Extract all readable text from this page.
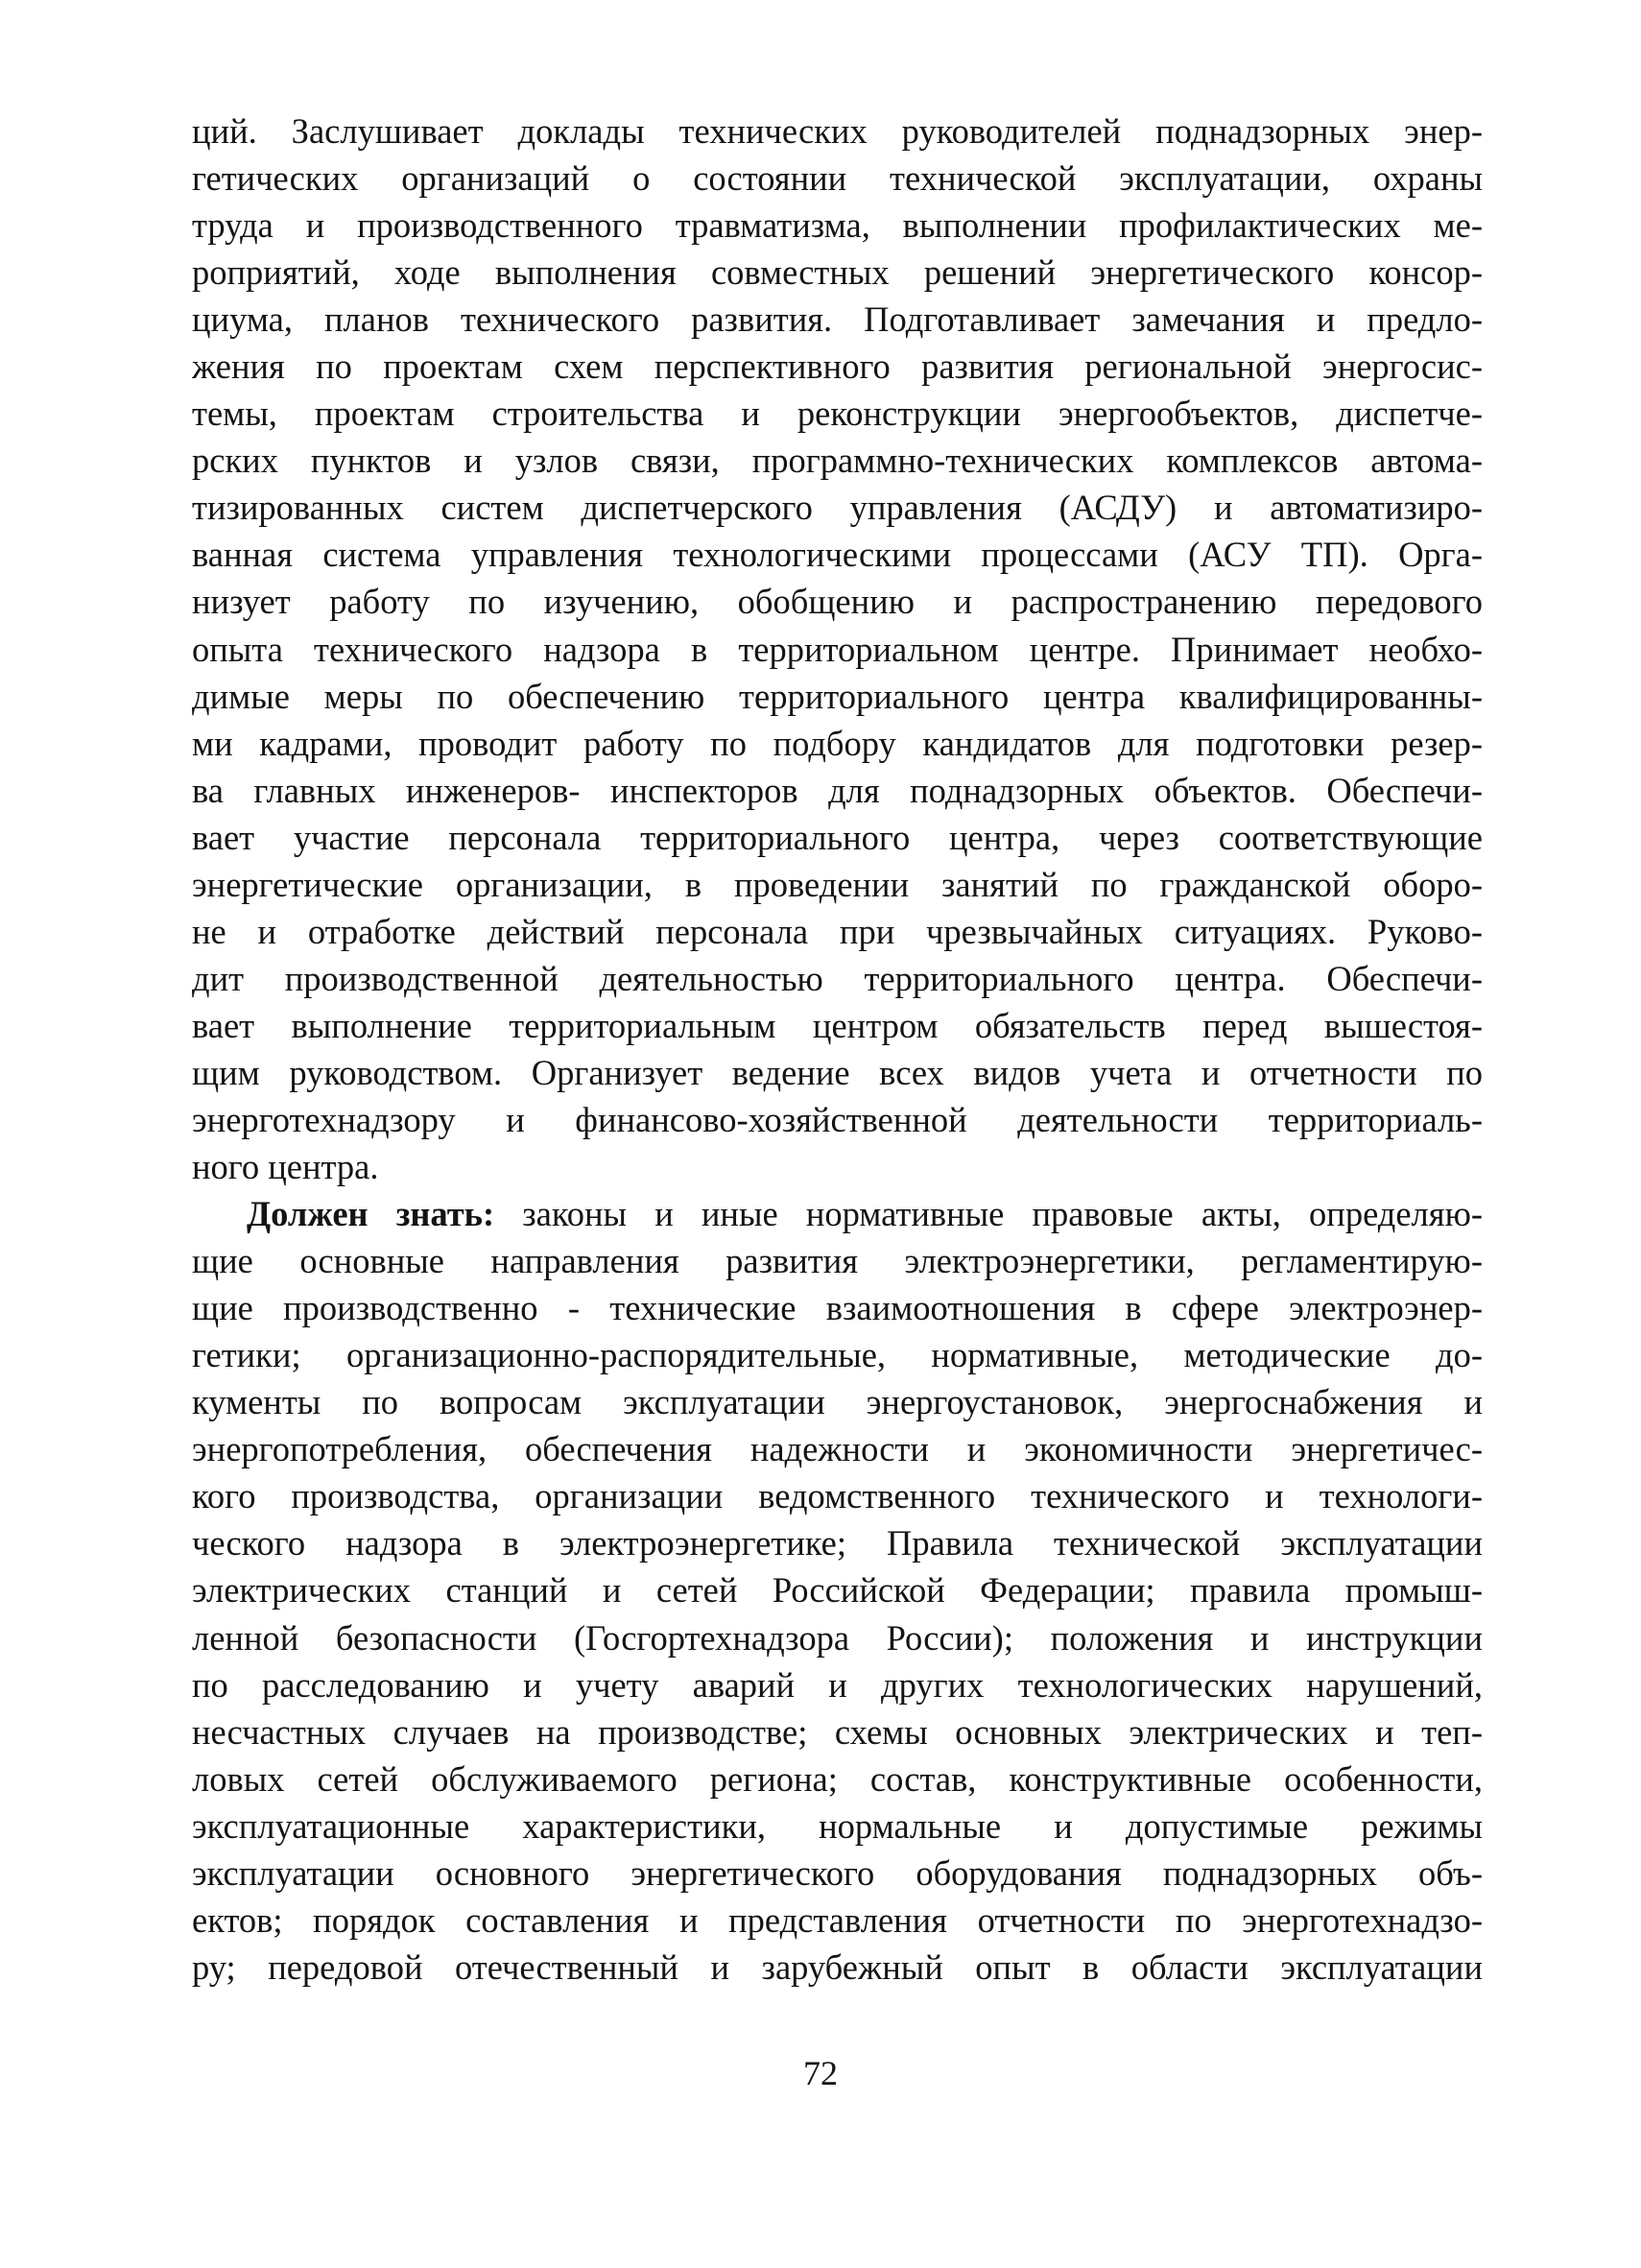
ций. Заслушивает доклады технических руководителей поднадзорных энер-
гетических организаций о состоянии технической эксплуатации, охраны
труда и производственного травматизма, выполнении профилактических ме-
роприятий, ходе выполнения совместных решений энергетического консор-
циума, планов технического развития. Подготавливает замечания и предло-
жения по проектам схем перспективного развития региональной энергосис-
темы, проектам строительства и реконструкции энергообъектов, диспетче-
рских пунктов и узлов связи, программно-технических комплексов автома-
тизированных систем диспетчерского управления (АСДУ) и автоматизиро-
ванная система управления технологическими процессами (АСУ ТП). Орга-
низует работу по изучению, обобщению и распространению передового
опыта технического надзора в территориальном центре. Принимает необхо-
димые меры по обеспечению территориального центра квалифицированны-
ми кадрами, проводит работу по подбору кандидатов для подготовки резер-
ва главных инженеров- инспекторов для поднадзорных объектов. Обеспечи-
вает участие персонала территориального центра, через соответствующие
энергетические организации, в проведении занятий по гражданской оборо-
не и отработке действий персонала при чрезвычайных ситуациях. Руково-
дит производственной деятельностью территориального центра. Обеспечи-
вает выполнение территориальным центром обязательств перед вышестоя-
щим руководством. Организует ведение всех видов учета и отчетности по
энерготехнадзору и финансово-хозяйственной деятельности территориаль-
ного центра.
Должен знать: законы и иные нормативные правовые акты, определяю-
щие основные направления развития электроэнергетики, регламентирую-
щие производственно - технические взаимоотношения в сфере электроэнер-
гетики; организационно-распорядительные, нормативные, методические до-
кументы по вопросам эксплуатации энергоустановок, энергоснабжения и
энергопотребления, обеспечения надежности и экономичности энергетичес-
кого производства, организации ведомственного технического и технологи-
ческого надзора в электроэнергетике; Правила технической эксплуатации
электрических станций и сетей Российской Федерации; правила промыш-
ленной безопасности (Госгортехнадзора России); положения и инструкции
по расследованию и учету аварий и других технологических нарушений,
несчастных случаев на производстве; схемы основных электрических и теп-
ловых сетей обслуживаемого региона; состав, конструктивные особенности,
эксплуатационные характеристики, нормальные и допустимые режимы
эксплуатации основного энергетического оборудования поднадзорных объ-
ектов; порядок составления и представления отчетности по энерготехнадзо-
ру; передовой отечественный и зарубежный опыт в области эксплуатации
72
